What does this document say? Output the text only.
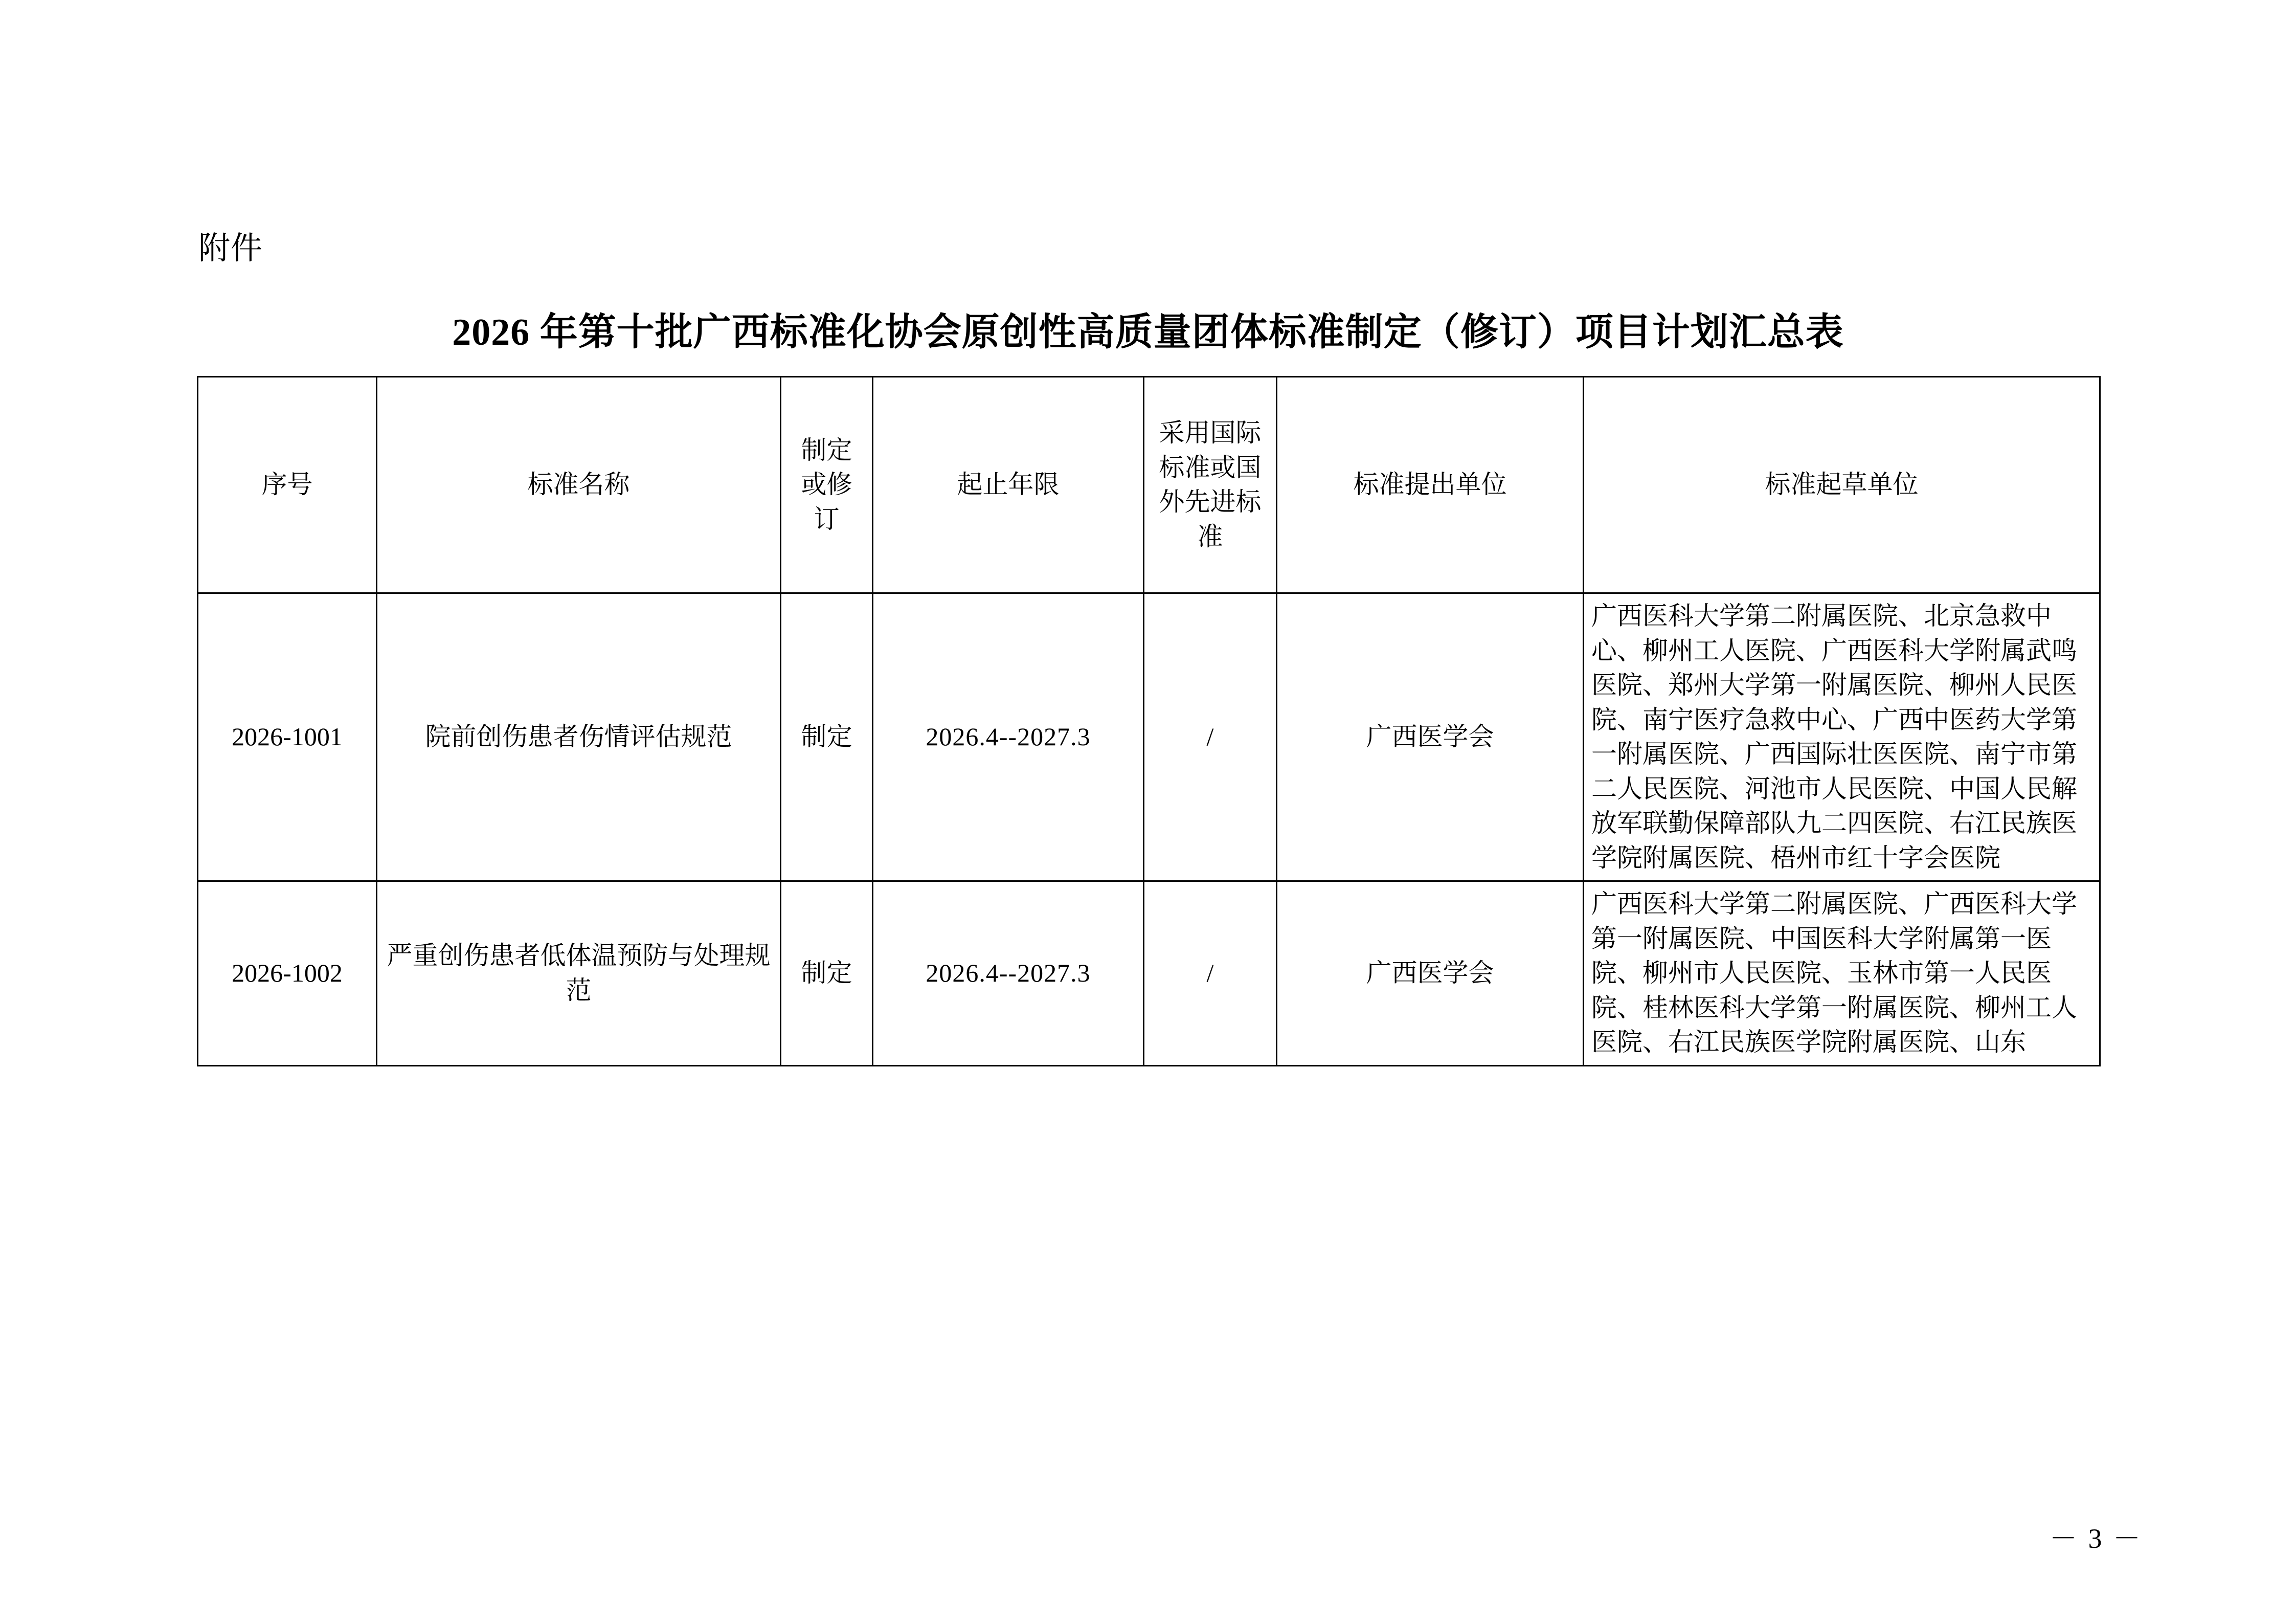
附件
2026 年第十批广西标准化协会原创性高质量团体标准制定（修订）项目计划汇总表
序号	标准名称	制定或修订	起止年限	采用国际标准或国外先进标准	标准提出单位	标准起草单位
2026-1001	院前创伤患者伤情评估规范	制定	2026.4--2027.3	/	广西医学会	广西医科大学第二附属医院、北京急救中心、柳州工人医院、广西医科大学附属武鸣医院、郑州大学第一附属医院、柳州人民医院、南宁医疗急救中心、广西中医药大学第一附属医院、广西国际壮医医院、南宁市第二人民医院、河池市人民医院、中国人民解放军联勤保障部队九二四医院、右江民族医学院附属医院、梧州市红十字会医院
2026-1002	严重创伤患者低体温预防与处理规范	制定	2026.4--2027.3	/	广西医学会	广西医科大学第二附属医院、广西医科大学第一附属医院、中国医科大学附属第一医院、柳州市人民医院、玉林市第一人民医院、桂林医科大学第一附属医院、柳州工人医院、右江民族医学院附属医院、山东
－ 3 －
